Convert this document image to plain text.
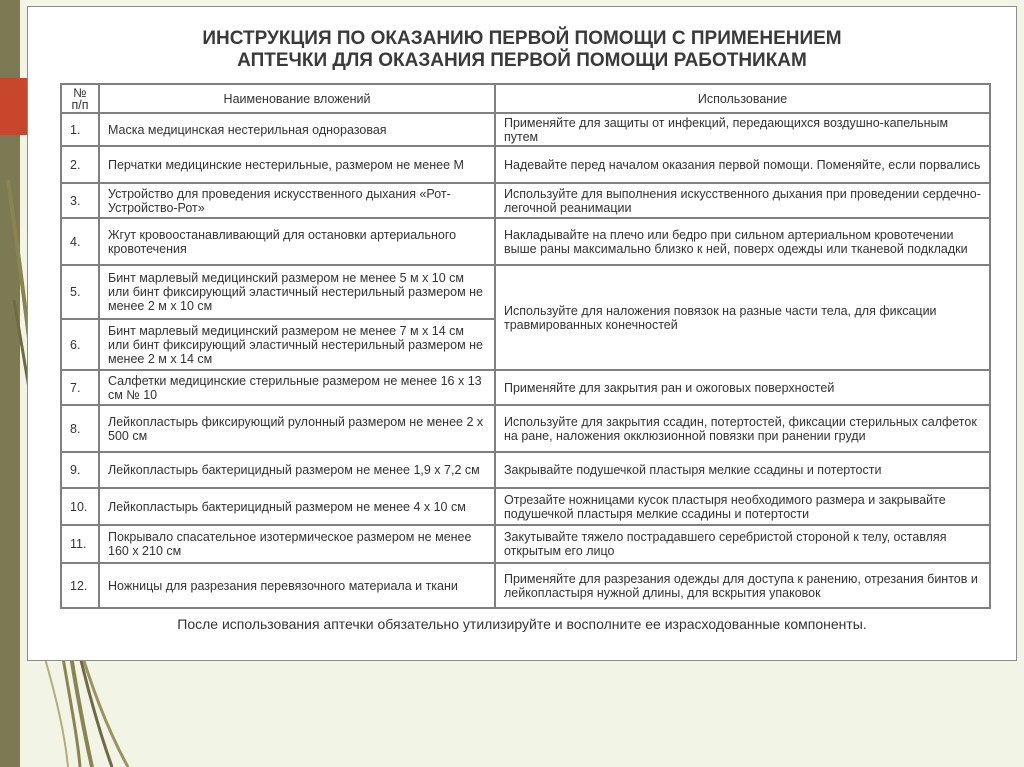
ИНСТРУКЦИЯ ПО ОКАЗАНИЮ ПЕРВОЙ ПОМОЩИ С ПРИМЕНЕНИЕМ
АПТЕЧКИ ДЛЯ ОКАЗАНИЯ ПЕРВОЙ ПОМОЩИ РАБОТНИКАМ
№
п/п	Наименование вложений	Использование
1.	Маска медицинская нестерильная одноразовая	Применяйте для защиты от инфекций, передающихся воздушно-капельным путем
2.	Перчатки медицинские нестерильные, размером не менее М	Надевайте перед началом оказания первой помощи. Поменяйте, если порвались
3.	Устройство для проведения искусственного дыхания «Рот-Устройство-Рот»	Используйте для выполнения искусственного дыхания при проведении сердечно-легочной реанимации
4.	Жгут кровоостанавливающий для остановки артериального кровотечения	Накладывайте на плечо или бедро при сильном артериальном кровотечении выше раны максимально близко к ней, поверх одежды или тканевой подкладки
5.	Бинт марлевый медицинский размером не менее 5 м х 10 см или бинт фиксирующий эластичный нестерильный размером не менее 2 м х 10 см	Используйте для наложения повязок на разные части тела, для фиксации травмированных конечностей
6.	Бинт марлевый медицинский размером не менее 7 м х 14 см или бинт фиксирующий эластичный нестерильный размером не менее 2 м х 14 см	
7.	Салфетки медицинские стерильные размером не менее 16 х 13 см № 10	Применяйте для закрытия ран и ожоговых поверхностей
8.	Лейкопластырь фиксирующий рулонный размером не менее 2 х 500 см	Используйте для закрытия ссадин, потертостей, фиксации стерильных салфеток на ране, наложения окклюзионной повязки при ранении груди
9.	Лейкопластырь бактерицидный размером не менее 1,9 х 7,2 см	Закрывайте подушечкой пластыря мелкие ссадины и потертости
10.	Лейкопластырь бактерицидный размером не менее 4 х 10 см	Отрезайте ножницами кусок пластыря необходимого размера и закрывайте подушечкой пластыря мелкие ссадины и потертости
11.	Покрывало спасательное изотермическое размером не менее 160 х 210 см	Закутывайте тяжело пострадавшего серебристой стороной к телу, оставляя открытым его лицо
12.	Ножницы для разрезания перевязочного материала и ткани	Применяйте для разрезания одежды для доступа к ранению, отрезания бинтов и лейкопластыря нужной длины, для вскрытия упаковок
После использования аптечки обязательно утилизируйте и восполните ее израсходованные компоненты.
